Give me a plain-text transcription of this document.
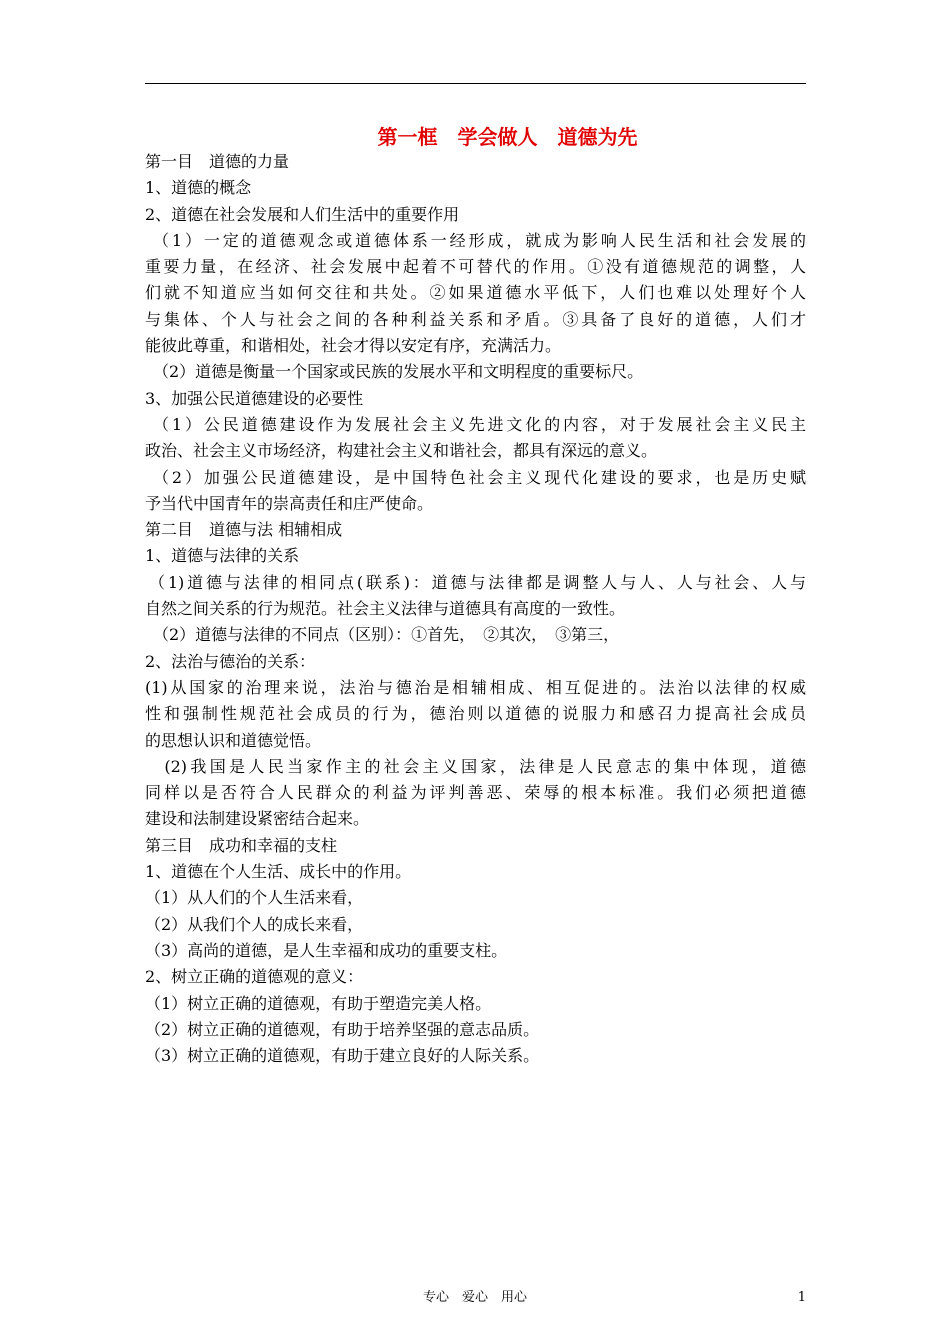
第一框　学会做人　道德为先
第一目　道德的力量
1、道德的概念
2、道德在社会发展和人们生活中的重要作用
（1）一定的道德观念或道德体系一经形成，就成为影响人民生活和社会发展的
重要力量，在经济、社会发展中起着不可替代的作用。①没有道德规范的调整，人
们就不知道应当如何交往和共处。②如果道德水平低下，人们也难以处理好个人
与集体、个人与社会之间的各种利益关系和矛盾。③具备了良好的道德，人们才
能彼此尊重，和谐相处，社会才得以安定有序，充满活力。
　（2）道德是衡量一个国家或民族的发展水平和文明程度的重要标尺。
3、加强公民道德建设的必要性
（1）公民道德建设作为发展社会主义先进文化的内容，对于发展社会主义民主
政治、社会主义市场经济，构建社会主义和谐社会，都具有深远的意义。
（2）加强公民道德建设，是中国特色社会主义现代化建设的要求，也是历史赋
予当代中国青年的崇高责任和庄严使命。
第二目　道德与法 相辅相成
1、道德与法律的关系
（1)道德与法律的相同点(联系)：道德与法律都是调整人与人、人与社会、人与
自然之间关系的行为规范。社会主义法律与道德具有高度的一致性。
　（2）道德与法律的不同点（区别）：①首先，　②其次，　③第三，
2、法治与德治的关系：
(1)从国家的治理来说，法治与德治是相辅相成、相互促进的。法治以法律的权威
性和强制性规范社会成员的行为，德治则以道德的说服力和感召力提高社会成员
的思想认识和道德觉悟。
　(2)我国是人民当家作主的社会主义国家，法律是人民意志的集中体现，道德
同样以是否符合人民群众的利益为评判善恶、荣辱的根本标准。我们必须把道德
建设和法制建设紧密结合起来。
第三目　成功和幸福的支柱
1、道德在个人生活、成长中的作用。
（1）从人们的个人生活来看，
（2）从我们个人的成长来看，
（3）高尚的道德，是人生幸福和成功的重要支柱。
2、树立正确的道德观的意义：
（1）树立正确的道德观，有助于塑造完美人格。
（2）树立正确的道德观，有助于培养坚强的意志品质。
（3）树立正确的道德观，有助于建立良好的人际关系。
专心　爱心　用心	1
